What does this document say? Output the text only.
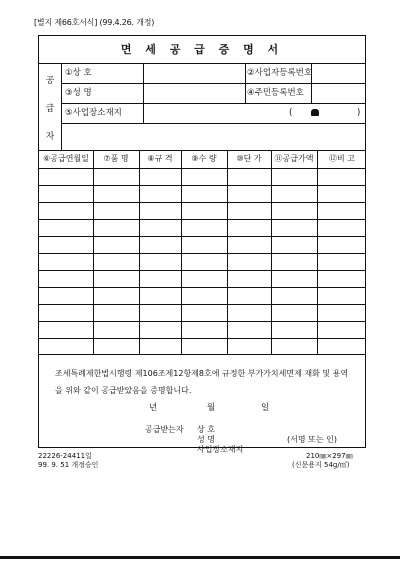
[별지 제66호서식] (99.4.26. 개정)
면 세 공 급 증 명 서
공
급
자
①상 호	②사업자등록번호
③성 명	④주민등록번호
⑤사업장소재지	(	)
⑥공급연월일	⑦품 명	⑧규 격	⑨수 량	⑩단 가	⑪공급가액	⑫비 고
조세특례제한법시행령 제106조제12항제8호에 규정한 부가가치세면제 재화 및 용역을 위와 같이 공급받았음을 증명합니다.
년	월	일
공급받는자 상 호
성 명
사업장소재지
(서명 또는 인)
22226-24411일
99. 9. 51 개정승인
210㎜×297㎜
(신문용지 54g/㎡)
